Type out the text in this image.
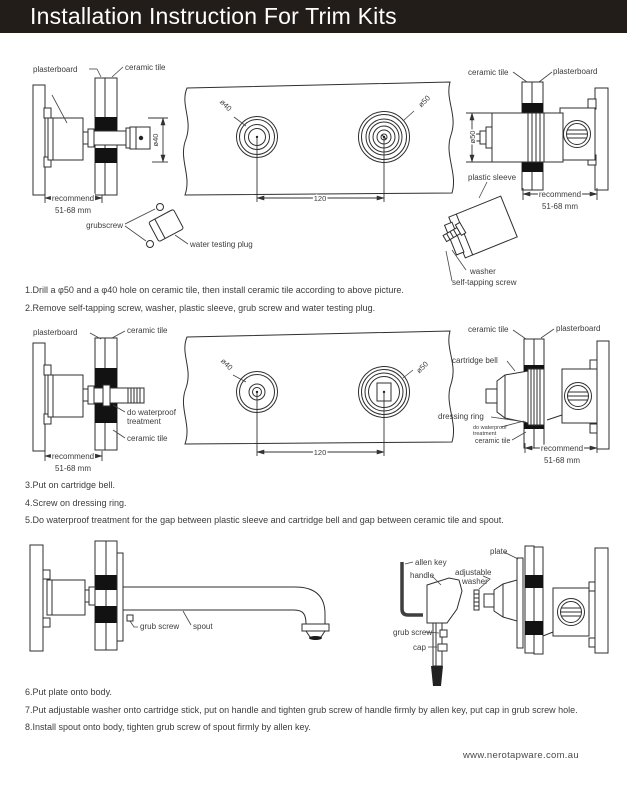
Installation Instruction For Trim Kits
plasterboard	ceramic tile
ø40
recommend
51-68 mm
grubscrew
water testing plug
ø40	ø50
120
ceramic tile	plasterboard
ø50
plastic sleeve
recommend
51-68 mm
washer
self-tapping screw

1.Drill a φ50 and a φ40 hole on ceramic tile, then install ceramic tile according to above picture.

2.Remove self-tapping screw, washer, plastic sleeve, grub screw and water testing plug.

plasterboard	ceramic tile
do waterproof
treatment
ceramic tile
recommend
51-68 mm
ø40	ø50
120
ceramic tile	plasterboard
cartridge bell
dressing ring
do waterproof
treatment
ceramic tile
recommend
51-68 mm

3.Put on cartridge bell.

4.Screw on dressing ring.

5.Do waterproof treatment for the gap between plastic sleeve and cartridge bell and gap between ceramic tile and spout.

grub screw spout
allen key
handle	adjustable
washer
plate
grub screw
cap

6.Put plate onto body.

7.Put adjustable washer onto cartridge stick, put on handle and tighten grub screw of handle firmly by allen key, put cap in grub screw hole.

8.Install spout onto body, tighten grub screw of spout firmly by allen key.

www.nerotapware.com.au
